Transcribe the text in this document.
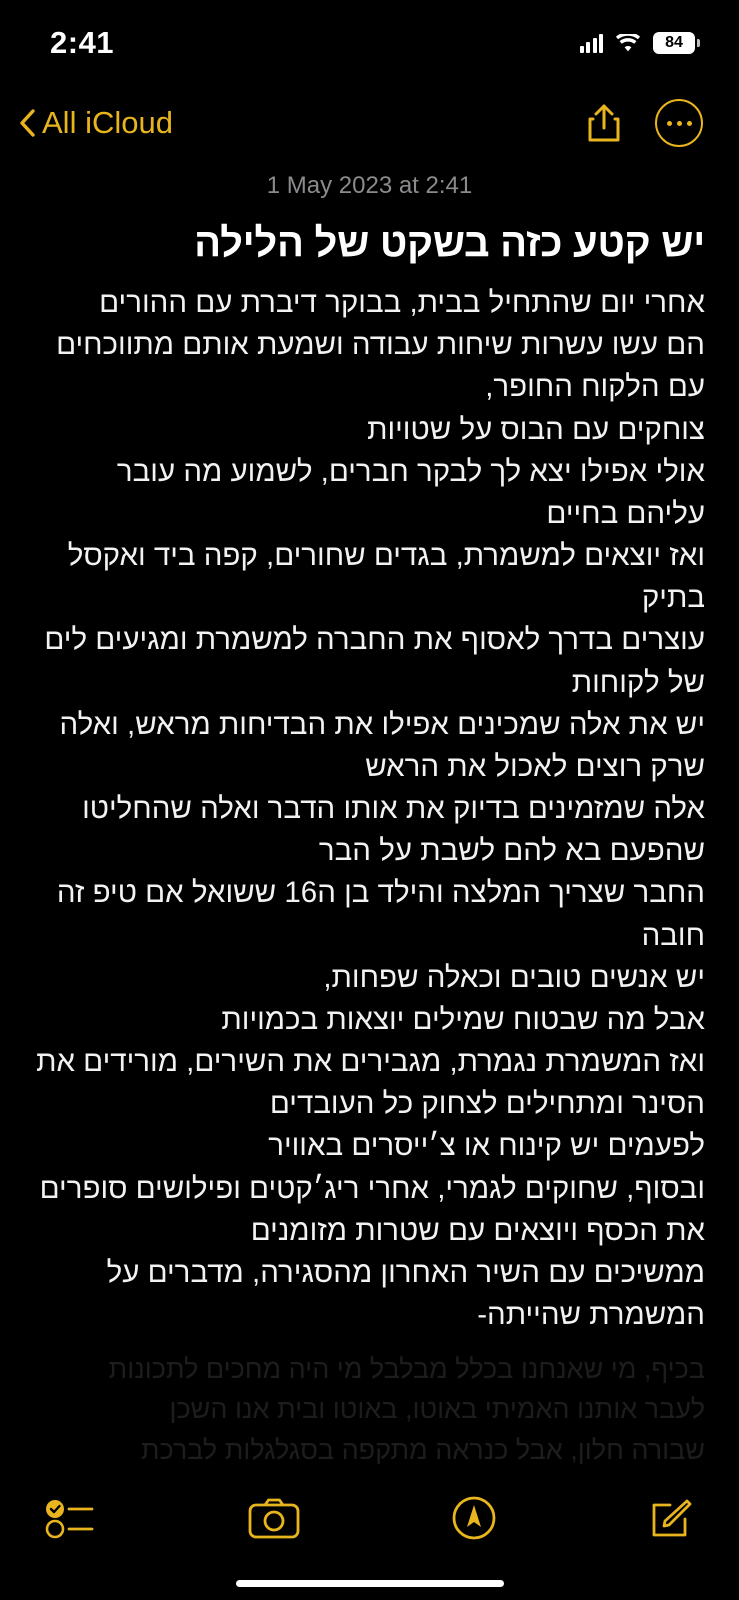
2:41	84
All iCloud
1 May 2023 at 2:41
יש קטע כזה בשקט של הלילה

אחרי יום שהתחיל בבית, בבוקר דיברת עם ההורים

הם עשו עשרות שיחות עבודה ושמעת אותם מתווכחים עם הלקוח החופר,

צוחקים עם הבוס על שטויות

אולי אפילו יצא לך לבקר חברים, לשמוע מה עובר עליהם בחיים

ואז יוצאים למשמרת, בגדים שחורים, קפה ביד ואקסל בתיק

עוצרים בדרך לאסוף את החברה למשמרת ומגיעים לים של לקוחות

יש את אלה שמכינים אפילו את הבדיחות מראש, ואלה שרק רוצים לאכול את הראש

אלה שמזמינים בדיוק את אותו הדבר ואלה שהחליטו שהפעם בא להם לשבת על הבר

החבר שצריך המלצה והילד בן ה16 ששואל אם טיפ זה חובה

יש אנשים טובים וכאלה שפחות,

אבל מה שבטוח שמילים יוצאות בכמויות

ואז המשמרת נגמרת, מגבירים את השירים, מורידים את הסינר ומתחילים לצחוק כל העובדים

לפעמים יש קינוח או צ׳ייסרים באוויר

ובסוף, שחוקים לגמרי, אחרי ריג׳קטים ופילושים סופרים את הכסף ויוצאים עם שטרות מזומנים

ממשיכים עם השיר האחרון מהסגירה, מדברים על המשמרת שהייתה-

בכיף, מי שאנחנו בכלל מבלבל מי היה מחכים לתכונות
לעבר אותנו האמיתי באוטו, באוטו ובית אנו השכן
שבורה חלון, אבל כנראה מתקפה בסגלגלות לברכת
